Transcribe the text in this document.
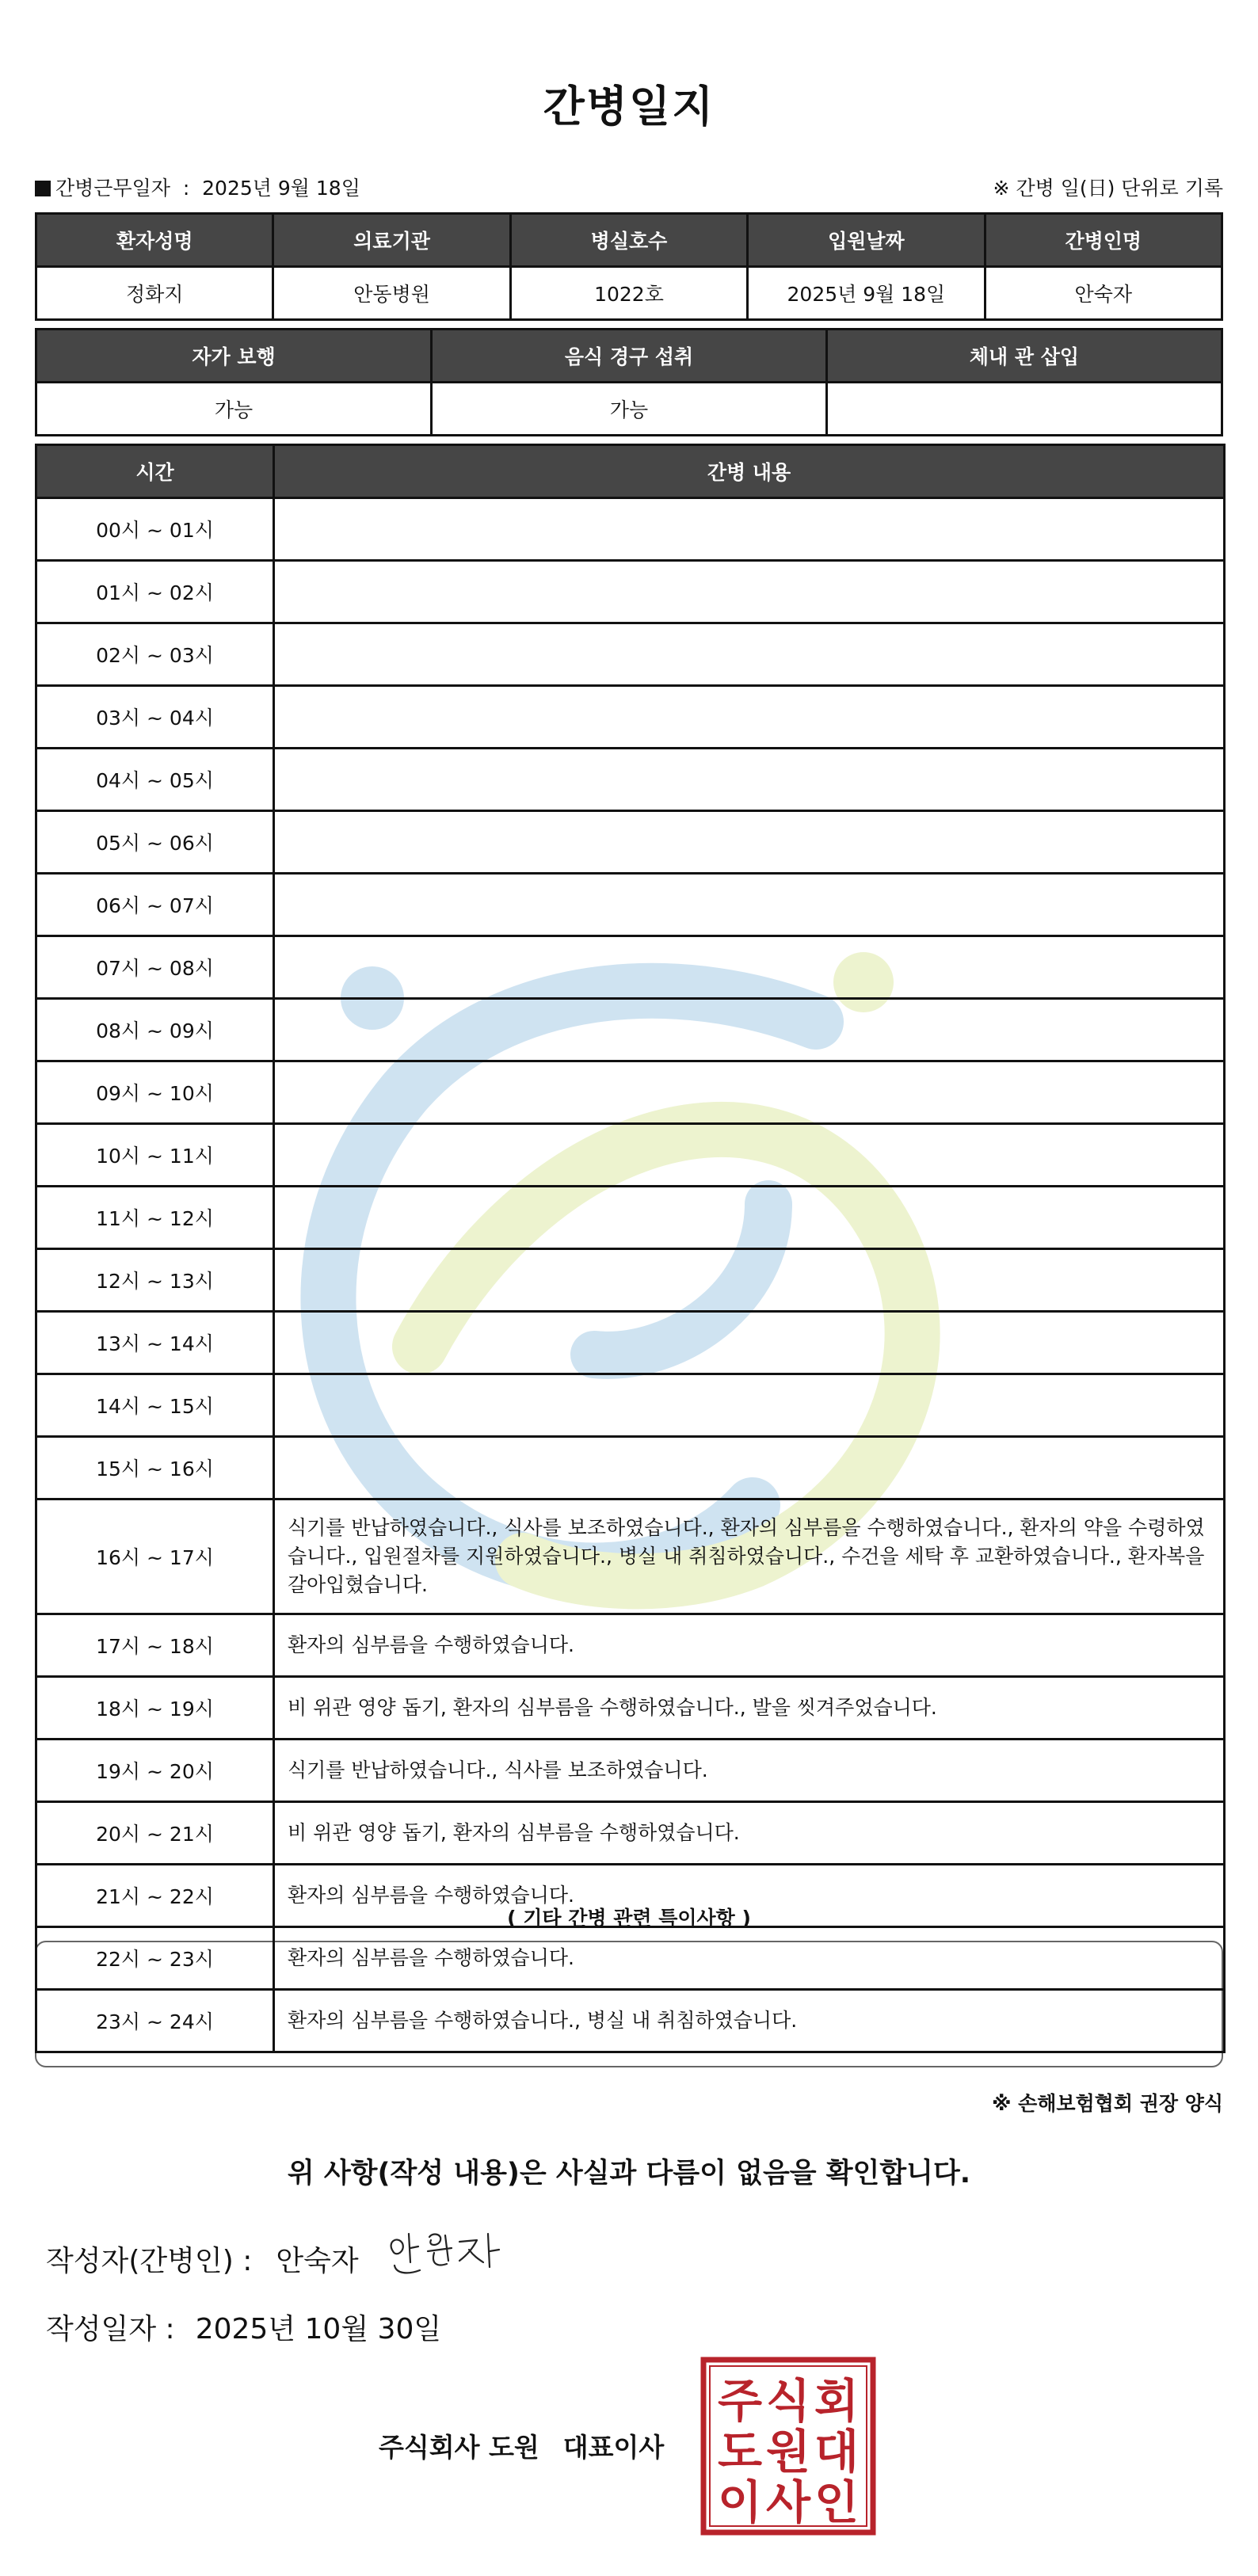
간병일지
간병근무일자 : 2025년 9월 18일	※ 간병 일(日) 단위로 기록
환자성명	의료기관	병실호수	입원날짜	간병인명
정화지	안동병원	1022호	2025년 9월 18일	안숙자
자가 보행	음식 경구 섭취	체내 관 삽입
가능	가능	
시간	간병 내용
00시 ~ 01시	
01시 ~ 02시	
02시 ~ 03시	
03시 ~ 04시	
04시 ~ 05시	
05시 ~ 06시	
06시 ~ 07시	
07시 ~ 08시	
08시 ~ 09시	
09시 ~ 10시	
10시 ~ 11시	
11시 ~ 12시	
12시 ~ 13시	
13시 ~ 14시	
14시 ~ 15시	
15시 ~ 16시	
16시 ~ 17시	식기를 반납하였습니다., 식사를 보조하였습니다., 환자의 심부름을 수행하였습니다., 환자의 약을 수령하였습니다., 입원절차를 지원하였습니다., 병실 내 취침하였습니다., 수건을 세탁 후 교환하였습니다., 환자복을 갈아입혔습니다.
17시 ~ 18시	환자의 심부름을 수행하였습니다.
18시 ~ 19시	비 위관 영양 돕기, 환자의 심부름을 수행하였습니다., 발을 씻겨주었습니다.
19시 ~ 20시	식기를 반납하였습니다., 식사를 보조하였습니다.
20시 ~ 21시	비 위관 영양 돕기, 환자의 심부름을 수행하였습니다.
21시 ~ 22시	환자의 심부름을 수행하였습니다.
22시 ~ 23시	환자의 심부름을 수행하였습니다.
23시 ~ 24시	환자의 심부름을 수행하였습니다., 병실 내 취침하였습니다.
( 기타 간병 관련 특이사항 )
※ 손해보험협회 권장 양식
위 사항(작성 내용)은 사실과 다름이 없음을 확인합니다.
작성자(간병인) : 안숙자
작성일자 : 2025년 10월 30일
주식회사 도원 대표이사
주 식 회
도 원 대
이 사 인
